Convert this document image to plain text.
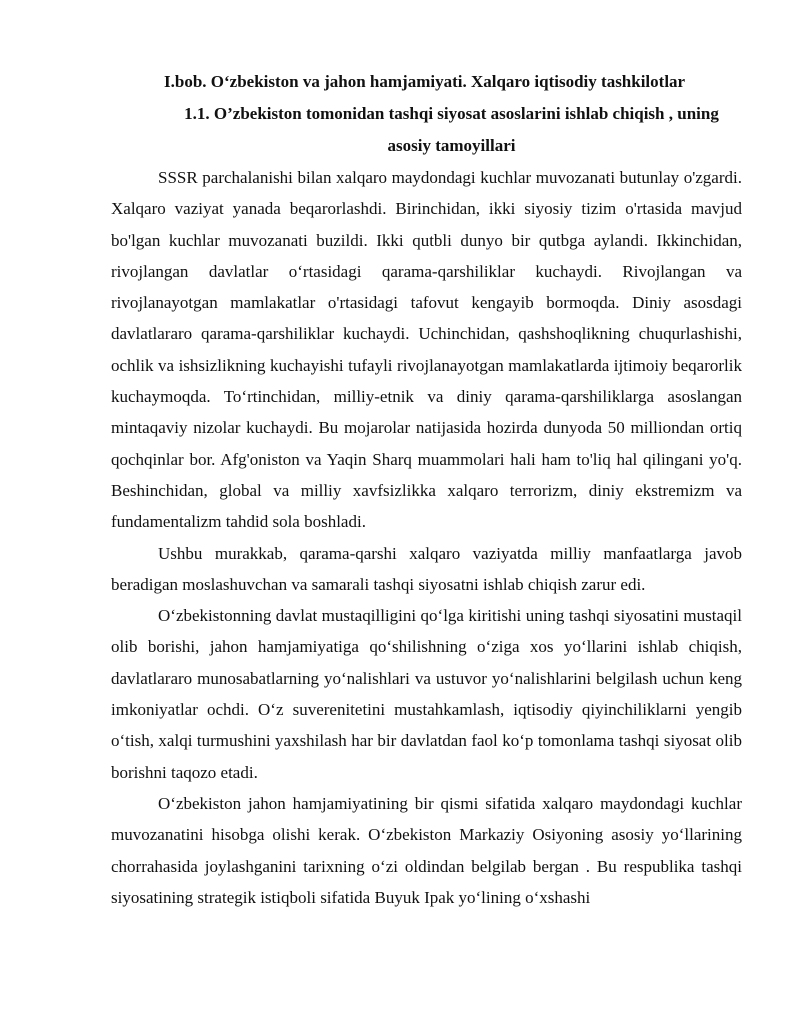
I.bob. O‘zbekiston va jahon hamjamiyati. Xalqaro iqtisodiy tashkilotlar

1.1. O’zbekiston tomonidan tashqi siyosat asoslarini ishlab chiqish , uning asosiy tamoyillari

SSSR parchalanishi bilan xalqaro maydondagi kuchlar muvozanati butunlay o'zgardi. Xalqaro vaziyat yanada beqarorlashdi. Birinchidan, ikki siyosiy tizim o'rtasida mavjud bo'lgan kuchlar muvozanati buzildi. Ikki qutbli dunyo bir qutbga aylandi. Ikkinchidan, rivojlangan davlatlar o‘rtasidagi qarama-qarshiliklar kuchaydi. Rivojlangan va rivojlanayotgan mamlakatlar o'rtasidagi tafovut kengayib bormoqda. Diniy asosdagi davlatlararo qarama-qarshiliklar kuchaydi. Uchinchidan, qashshoqlikning chuqurlashishi, ochlik va ishsizlikning kuchayishi tufayli rivojlanayotgan mamlakatlarda ijtimoiy beqarorlik kuchaymoqda. To‘rtinchidan, milliy-etnik va diniy qarama-qarshiliklarga asoslangan mintaqaviy nizolar kuchaydi. Bu mojarolar natijasida hozirda dunyoda 50 milliondan ortiq qochqinlar bor. Afg'oniston va Yaqin Sharq muammolari hali ham to'liq hal qilingani yo'q. Beshinchidan, global va milliy xavfsizlikka xalqaro terrorizm, diniy ekstremizm va fundamentalizm tahdid sola boshladi.

Ushbu murakkab, qarama-qarshi xalqaro vaziyatda milliy manfaatlarga javob beradigan moslashuvchan va samarali tashqi siyosatni ishlab chiqish zarur edi.

O‘zbekistonning davlat mustaqilligini qo‘lga kiritishi uning tashqi siyosatini mustaqil olib borishi, jahon hamjamiyatiga qo‘shilishning o‘ziga xos yo‘llarini ishlab chiqish, davlatlararo munosabatlarning yo‘nalishlari va ustuvor yo‘nalishlarini belgilash uchun keng imkoniyatlar ochdi. O‘z suverenitetini mustahkamlash, iqtisodiy qiyinchiliklarni yengib o‘tish, xalqi turmushini yaxshilash har bir davlatdan faol ko‘p tomonlama tashqi siyosat olib borishni taqozo etadi.

O‘zbekiston jahon hamjamiyatining bir qismi sifatida xalqaro maydondagi kuchlar muvozanatini hisobga olishi kerak. O‘zbekiston Markaziy Osiyoning asosiy yo‘llarining chorrahasida joylashganini tarixning o‘zi oldindan belgilab bergan . Bu respublika tashqi siyosatining strategik istiqboli sifatida Buyuk Ipak yo‘lining o‘xshashi
